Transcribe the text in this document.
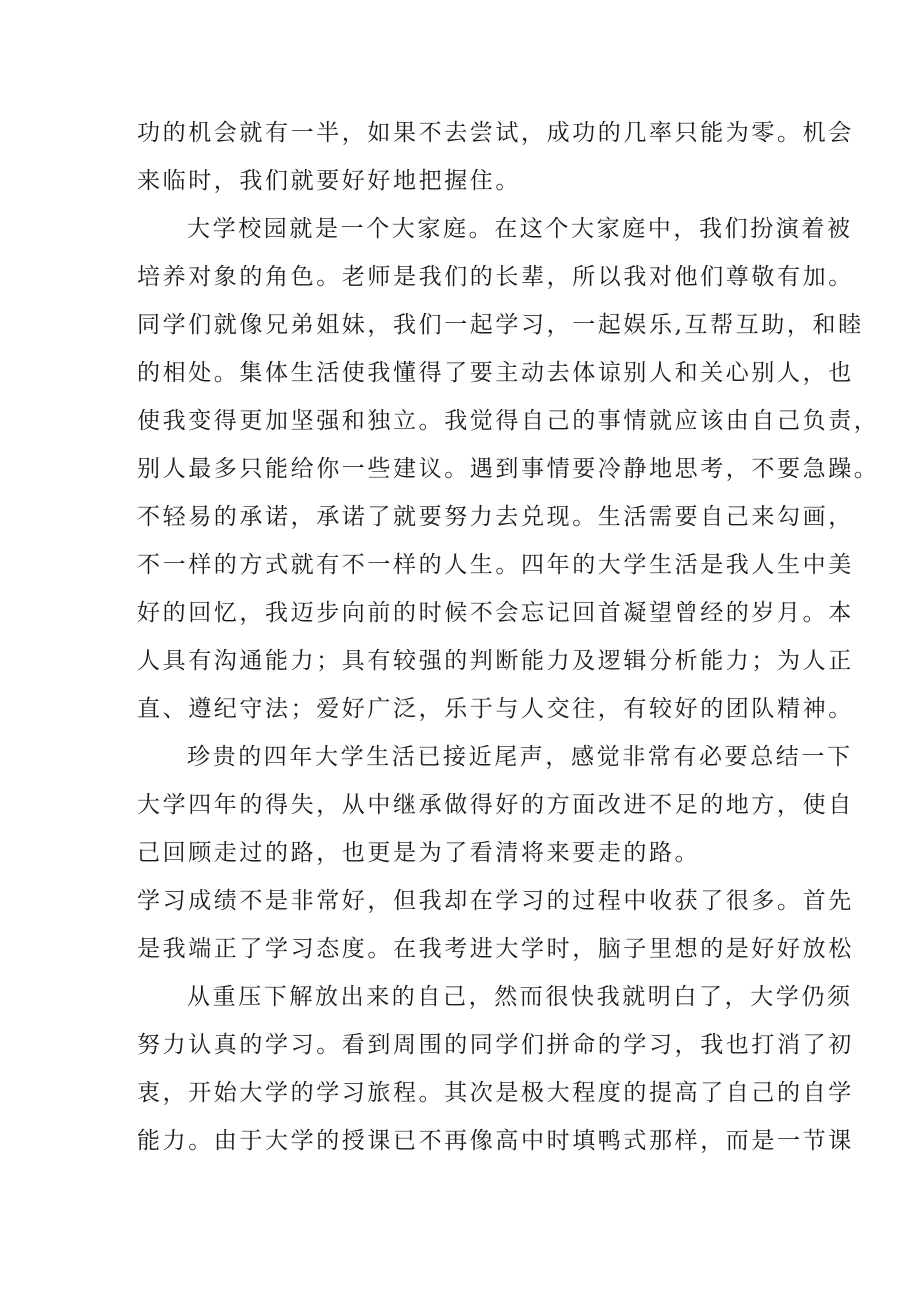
功的机会就有一半，如果不去尝试，成功的几率只能为零。机会
来临时，我们就要好好地把握住。
大学校园就是一个大家庭。在这个大家庭中，我们扮演着被
培养对象的角色。老师是我们的长辈，所以我对他们尊敬有加。
同学们就像兄弟姐妹，我们一起学习，一起娱乐,互帮互助，和睦
的相处。集体生活使我懂得了要主动去体谅别人和关心别人，也
使我变得更加坚强和独立。我觉得自己的事情就应该由自己负责，
别人最多只能给你一些建议。遇到事情要冷静地思考，不要急躁。
不轻易的承诺，承诺了就要努力去兑现。生活需要自己来勾画，
不一样的方式就有不一样的人生。四年的大学生活是我人生中美
好的回忆，我迈步向前的时候不会忘记回首凝望曾经的岁月。本
人具有沟通能力；具有较强的判断能力及逻辑分析能力；为人正
直、遵纪守法；爱好广泛，乐于与人交往，有较好的团队精神。
珍贵的四年大学生活已接近尾声，感觉非常有必要总结一下
大学四年的得失，从中继承做得好的方面改进不足的地方，使自
己回顾走过的路，也更是为了看清将来要走的路。
学习成绩不是非常好，但我却在学习的过程中收获了很多。首先
是我端正了学习态度。在我考进大学时，脑子里想的是好好放松
从重压下解放出来的自己，然而很快我就明白了，大学仍须
努力认真的学习。看到周围的同学们拼命的学习，我也打消了初
衷，开始大学的学习旅程。其次是极大程度的提高了自己的自学
能力。由于大学的授课已不再像高中时填鸭式那样，而是一节课
